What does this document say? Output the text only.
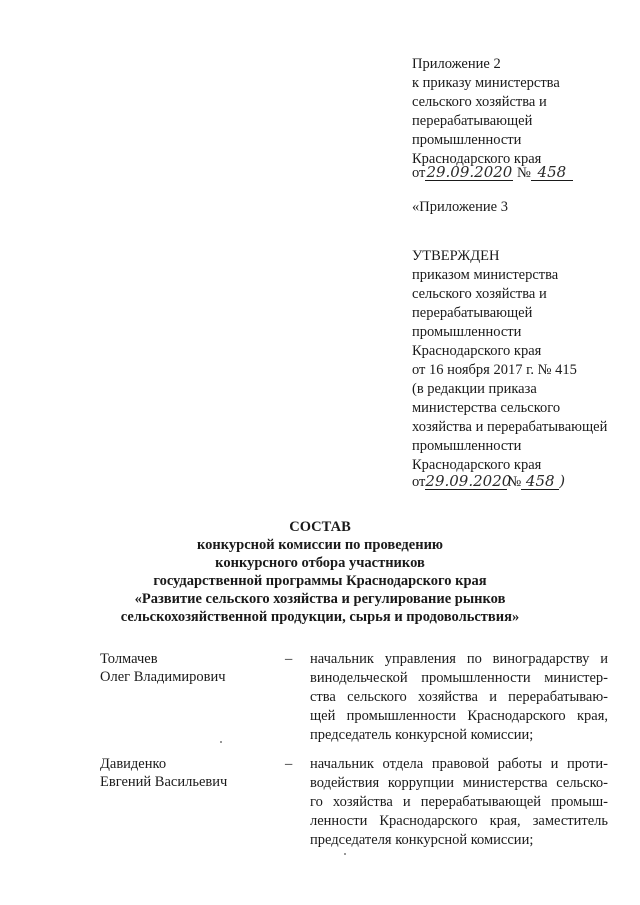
Приложение 2
к приказу министерства
сельского хозяйства и
перерабатывающей
промышленности
Краснодарского края
от29.09.2020 № 458
«Приложение 3
УТВЕРЖДЕН
приказом министерства
сельского хозяйства и
перерабатывающей
промышленности
Краснодарского края
от 16 ноября 2017 г. № 415
(в редакции приказа
министерства сельского
хозяйства и перерабатывающей
промышленности
Краснодарского края
от29.09.2020№ 458 )
СОСТАВ
конкурсной комиссии по проведению
конкурсного отбора участников
государственной программы Краснодарского края
«Развитие сельского хозяйства и регулирование рынков
сельскохозяйственной продукции, сырья и продовольствия»
Толмачев
Олег Владимирович
– начальник управления по виноградарству и
винодельческой промышленности министер-
ства сельского хозяйства и перерабатываю-
щей промышленности Краснодарского края,
председатель конкурсной комиссии;
Давиденко
Евгений Васильевич
– начальник отдела правовой работы и проти-
водействия коррупции министерства сельско-
го хозяйства и перерабатывающей промыш-
ленности Краснодарского края, заместитель
председателя конкурсной комиссии;
